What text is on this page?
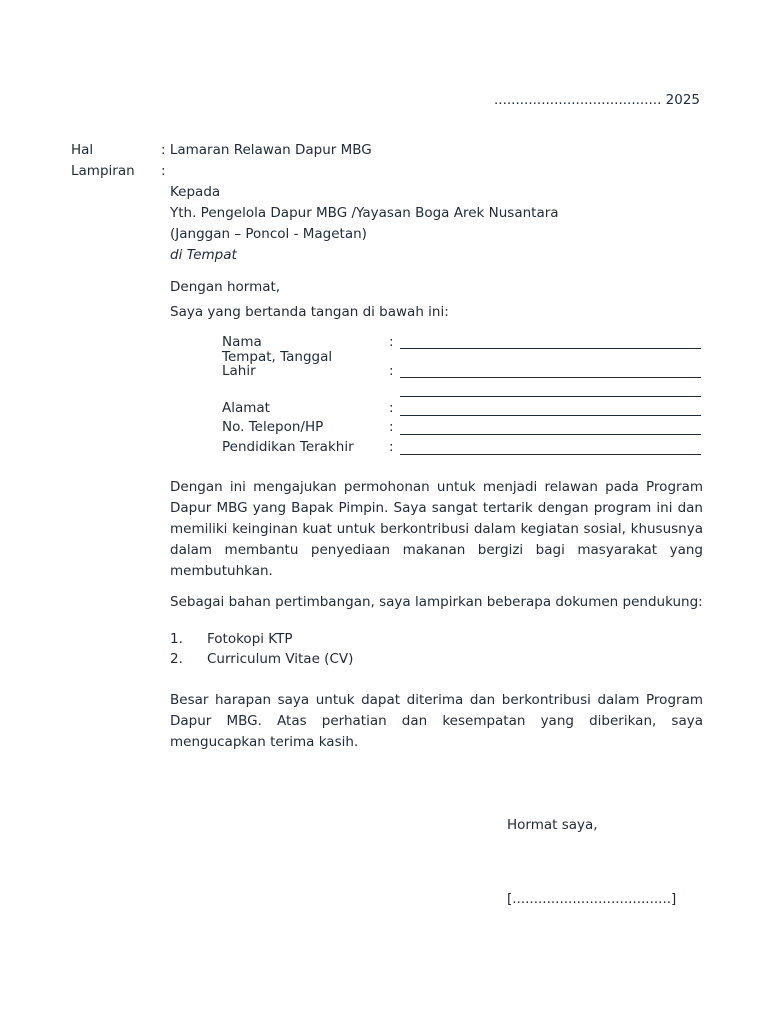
....................................... 2025
Hal	: Lamaran Relawan Dapur MBG
Lampiran :
Kepada
Yth. Pengelola Dapur MBG /Yayasan Boga Arek Nusantara
(Janggan – Poncol - Magetan)
di Tempat
Dengan hormat,
Saya yang bertanda tangan di bawah ini:
Nama	:
Tempat, Tanggal
Lahir	:
Alamat	:
No. Telepon/HP	:
Pendidikan Terakhir	:
Dengan ini mengajukan permohonan untuk menjadi relawan pada Program Dapur MBG yang Bapak Pimpin. Saya sangat tertarik dengan program ini dan memiliki keinginan kuat untuk berkontribusi dalam kegiatan sosial, khususnya dalam membantu penyediaan makanan bergizi bagi masyarakat yang membutuhkan.
Sebagai bahan pertimbangan, saya lampirkan beberapa dokumen pendukung:
1. Fotokopi KTP
2. Curriculum Vitae (CV)
Besar harapan saya untuk dapat diterima dan berkontribusi dalam Program Dapur MBG. Atas perhatian dan kesempatan yang diberikan, saya mengucapkan terima kasih.
Hormat saya,
[.....................................]
